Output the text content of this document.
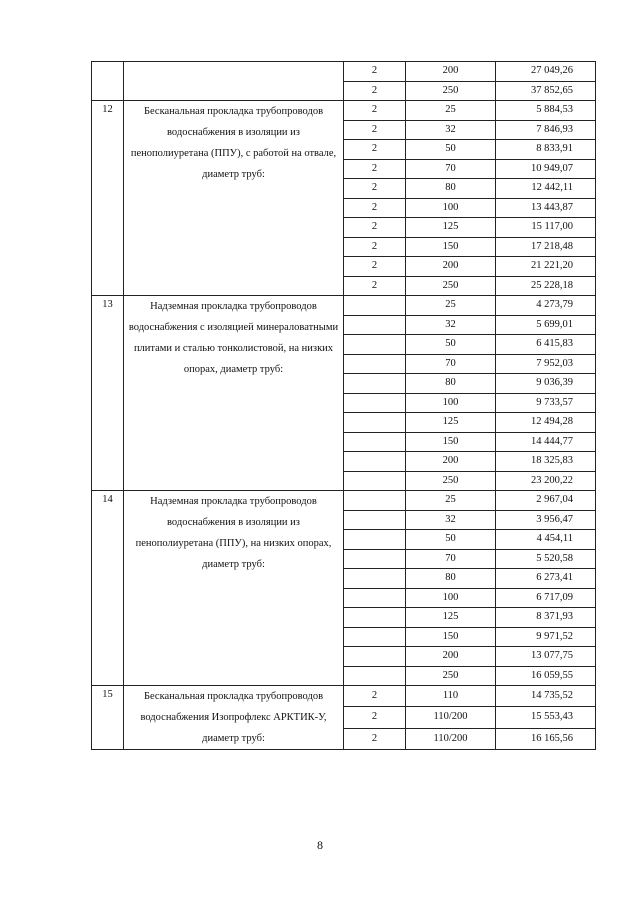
		2	200	27 049,26
		2	250	37 852,65
12	Бесканальная прокладка трубопроводов водоснабжения в изоляции из пенополиуретана (ППУ), с работой на отвале, диаметр труб:	2	25	5 884,53
		2	32	7 846,93
		2	50	8 833,91
		2	70	10 949,07
		2	80	12 442,11
		2	100	13 443,87
		2	125	15 117,00
		2	150	17 218,48
		2	200	21 221,20
		2	250	25 228,18
13	Надземная прокладка трубопроводов водоснабжения с изоляцией минераловатными плитами и сталью тонколистовой, на низких опорах, диаметр труб:		25	4 273,79
			32	5 699,01
			50	6 415,83
			70	7 952,03
			80	9 036,39
			100	9 733,57
			125	12 494,28
			150	14 444,77
			200	18 325,83
			250	23 200,22
14	Надземная прокладка трубопроводов водоснабжения в изоляции из пенополиуретана (ППУ), на низких опорах, диаметр труб:		25	2 967,04
			32	3 956,47
			50	4 454,11
			70	5 520,58
			80	6 273,41
			100	6 717,09
			125	8 371,93
			150	9 971,52
			200	13 077,75
			250	16 059,55
15	Бесканальная прокладка трубопроводов водоснабжения Изопрофлекс АРКТИК-У, диаметр труб:	2	110	14 735,52
		2	110/200	15 553,43
		2	110/200	16 165,56
8
